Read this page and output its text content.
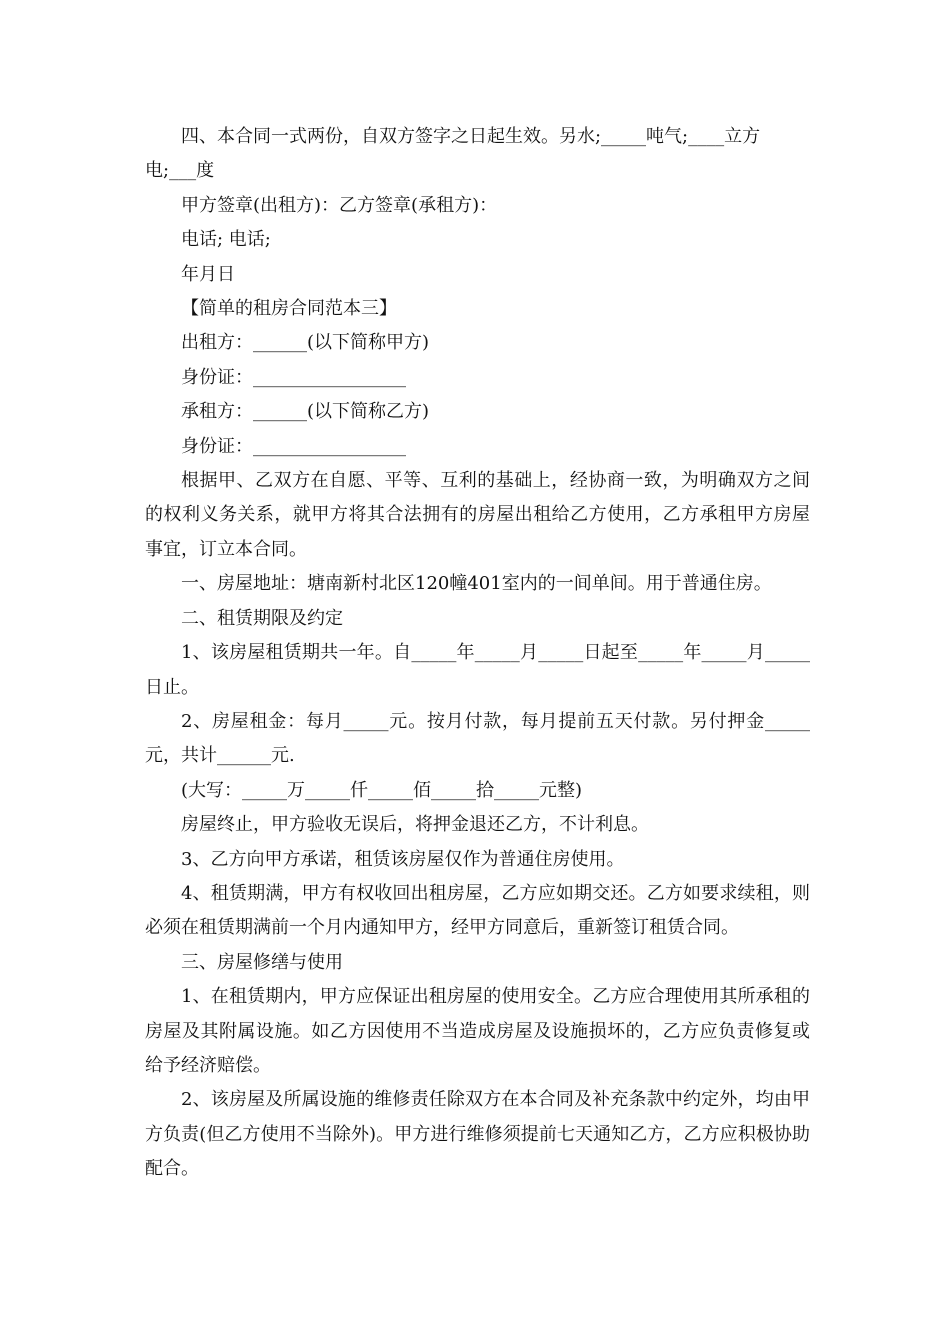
四、本合同一式两份，自双方签字之日起生效。另水;_____吨气;____立方电;___度

甲方签章(出租方)：乙方签章(承租方)：

电话; 电话;

年月日

【简单的租房合同范本三】

出租方：______(以下简称甲方)

身份证：_________________

承租方：______(以下简称乙方)

身份证：_________________

根据甲、乙双方在自愿、平等、互利的基础上，经协商一致，为明确双方之间的权利义务关系，就甲方将其合法拥有的房屋出租给乙方使用，乙方承租甲方房屋事宜，订立本合同。

一、房屋地址：塘南新村北区120幢401室内的一间单间。用于普通住房。

二、租赁期限及约定

1、该房屋租赁期共一年。自_____年_____月_____日起至_____年_____月_____日止。

2、房屋租金：每月_____元。按月付款，每月提前五天付款。另付押金_____元，共计______元.

(大写：_____万_____仟_____佰_____拾_____元整)

房屋终止，甲方验收无误后，将押金退还乙方，不计利息。

3、乙方向甲方承诺，租赁该房屋仅作为普通住房使用。

4、租赁期满，甲方有权收回出租房屋，乙方应如期交还。乙方如要求续租，则必须在租赁期满前一个月内通知甲方，经甲方同意后，重新签订租赁合同。

三、房屋修缮与使用

1、在租赁期内，甲方应保证出租房屋的使用安全。乙方应合理使用其所承租的房屋及其附属设施。如乙方因使用不当造成房屋及设施损坏的，乙方应负责修复或给予经济赔偿。

2、该房屋及所属设施的维修责任除双方在本合同及补充条款中约定外，均由甲方负责(但乙方使用不当除外)。甲方进行维修须提前七天通知乙方，乙方应积极协助配合。
